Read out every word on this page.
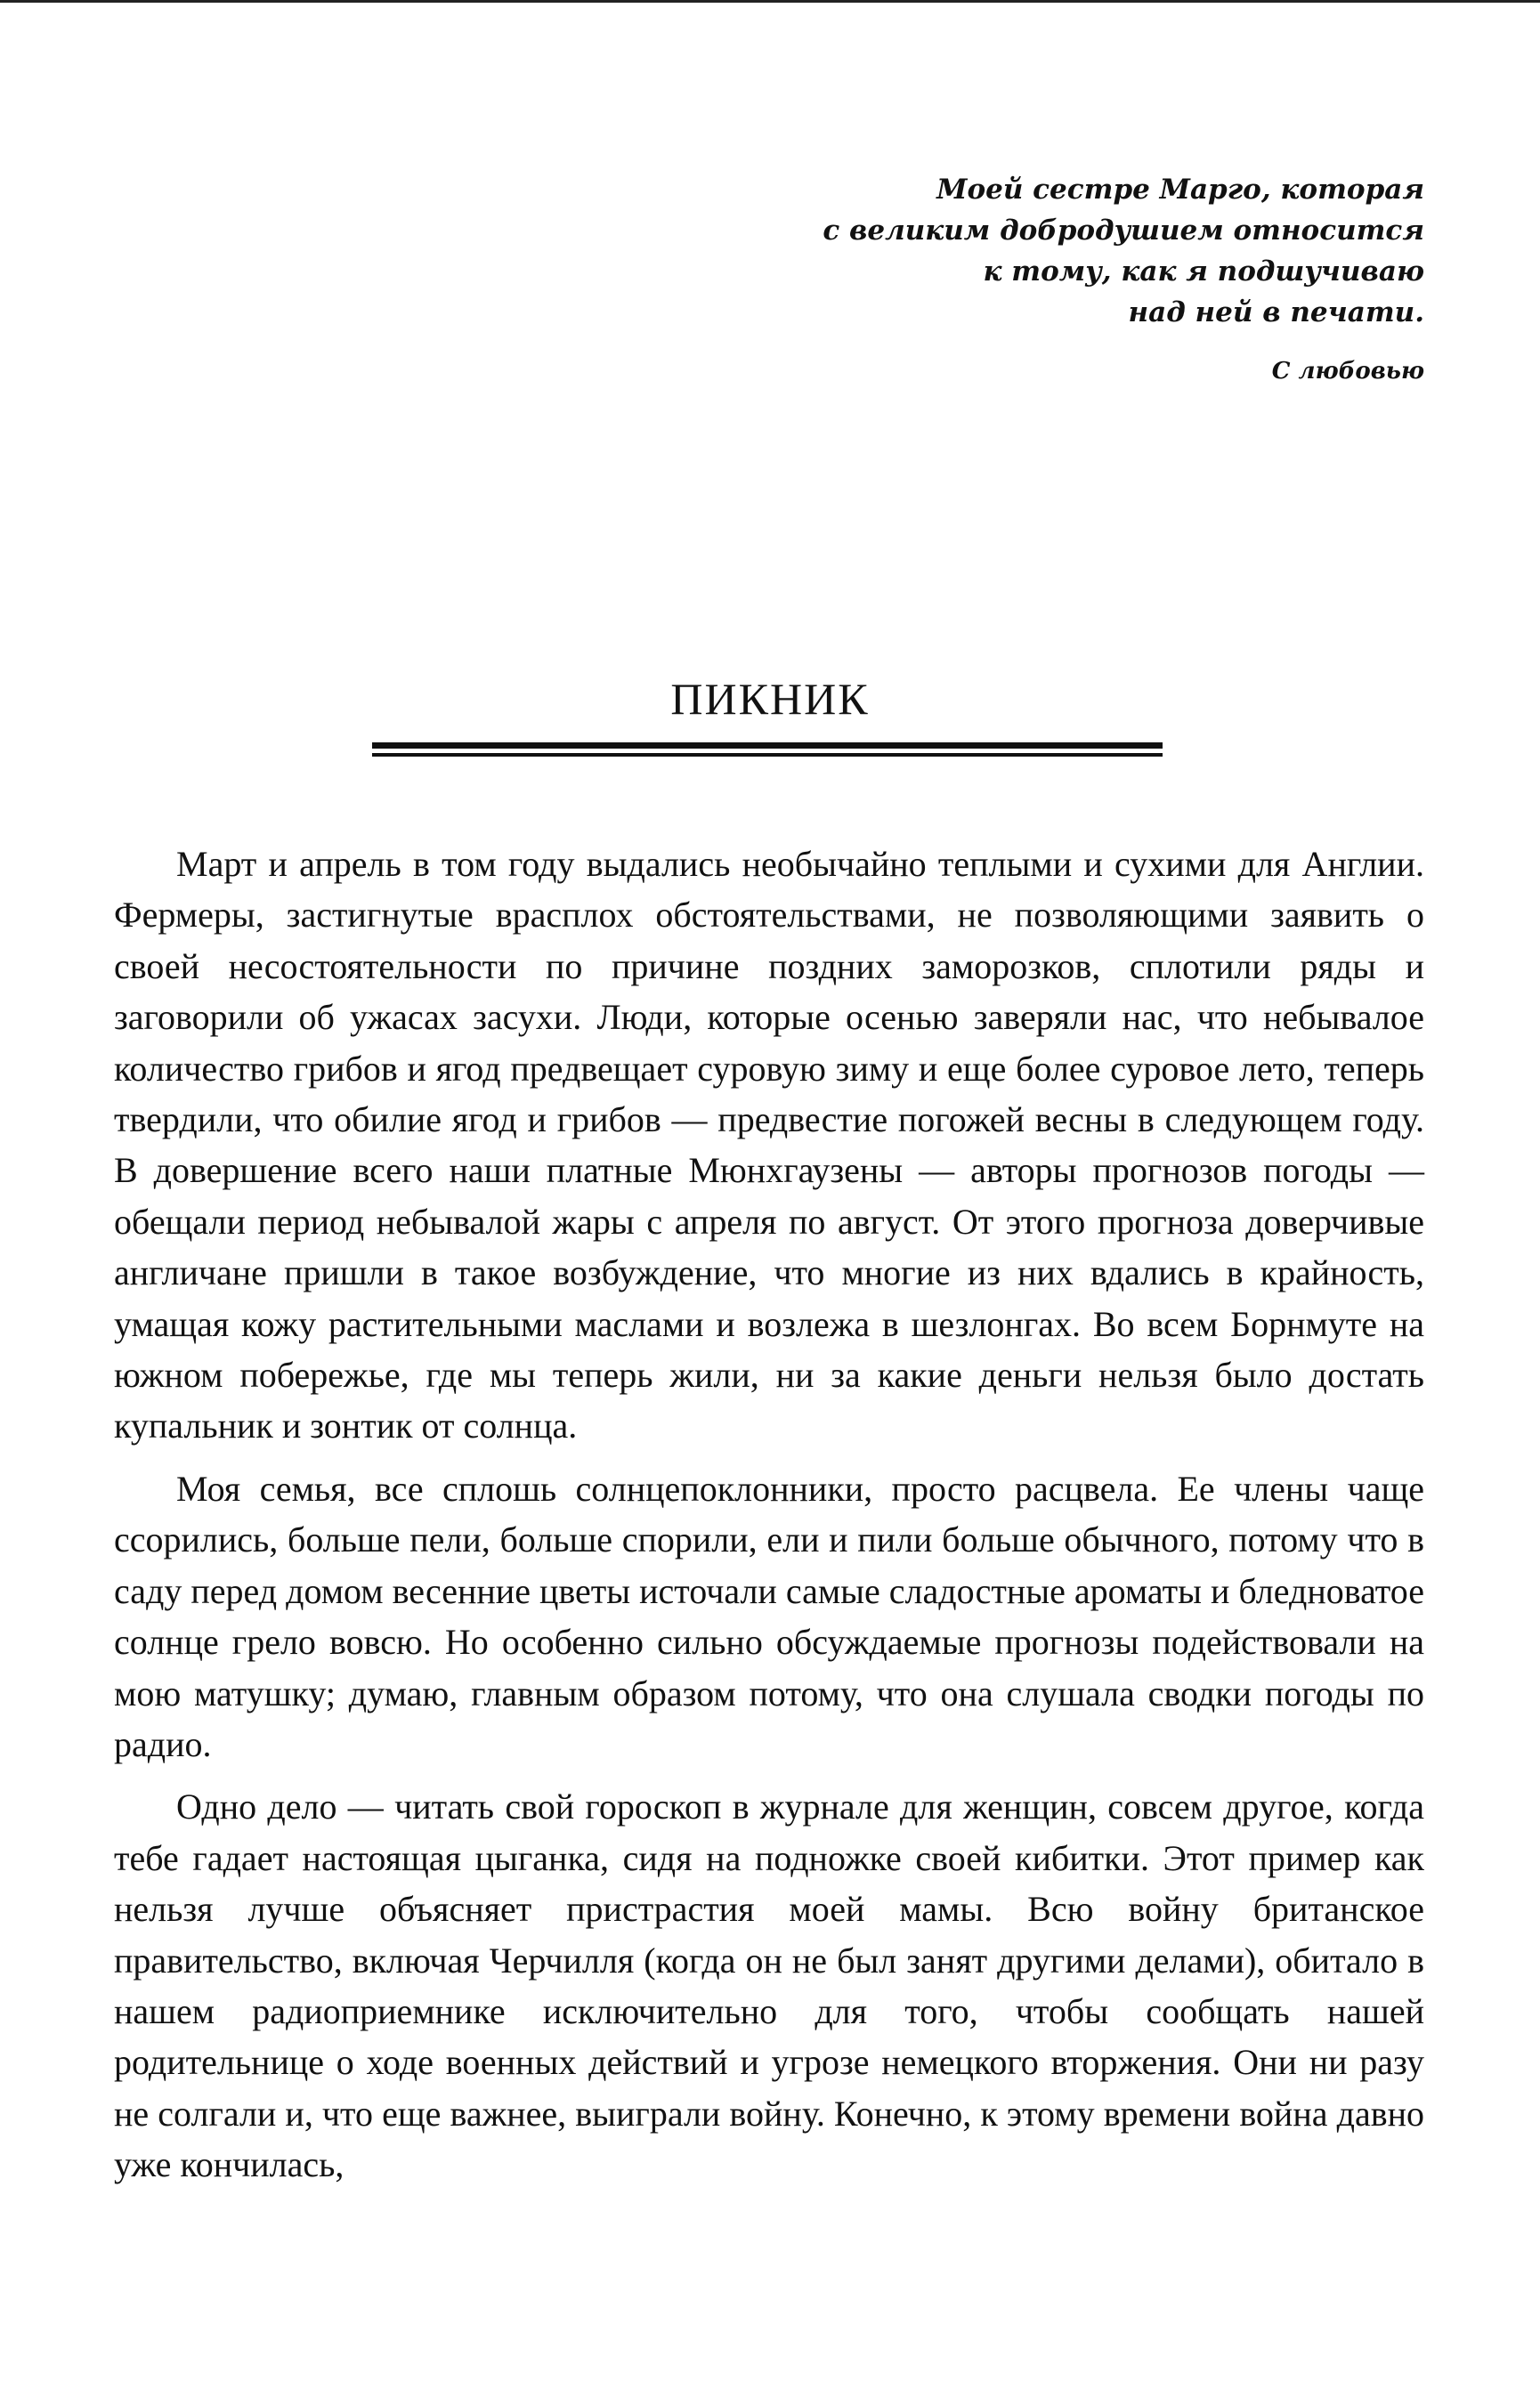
Моей сестре Марго, которая
с великим добродушием относится
к тому, как я подшучиваю
над ней в печати.
С любовью
ПИКНИК

Март и апрель в том году выдались необычайно теплыми и сухими для Англии. Фермеры, застигнутые врасплох обстоятельствами, не позволяющими заявить о своей несостоятельности по причине поздних заморозков, сплотили ряды и заговорили об ужасах засухи. Люди, которые осенью заверяли нас, что небывалое количество грибов и ягод предвещает суровую зиму и еще более суровое лето, теперь твердили, что обилие ягод и грибов — предвестие погожей весны в следующем году. В довершение всего наши платные Мюнхгаузены — авторы прогнозов погоды — обещали период небывалой жары с апреля по август. От этого прогноза доверчивые англичане пришли в такое возбуждение, что многие из них вдались в крайность, умащая кожу растительными маслами и возлежа в шезлонгах. Во всем Борнмуте на южном побережье, где мы теперь жили, ни за какие деньги нельзя было достать купальник и зонтик от солнца.

Моя семья, все сплошь солнцепоклонники, просто расцвела. Ее члены чаще ссорились, больше пели, больше спорили, ели и пили больше обычного, потому что в саду перед домом весенние цветы источали самые сладостные ароматы и бледноватое солнце грело вовсю. Но особенно сильно обсуждаемые прогнозы подействовали на мою матушку; думаю, главным образом потому, что она слушала сводки погоды по радио.

Одно дело — читать свой гороскоп в журнале для женщин, совсем другое, когда тебе гадает настоящая цыганка, сидя на подножке своей кибитки. Этот пример как нельзя лучше объясняет пристрастия моей мамы. Всю войну британское правительство, включая Черчилля (когда он не был занят другими делами), обитало в нашем радиоприемнике исключительно для того, чтобы сообщать нашей родительнице о ходе военных действий и угрозе немецкого вторжения. Они ни разу не солгали и, что еще важнее, выиграли войну. Конечно, к этому времени война давно уже кончилась,
